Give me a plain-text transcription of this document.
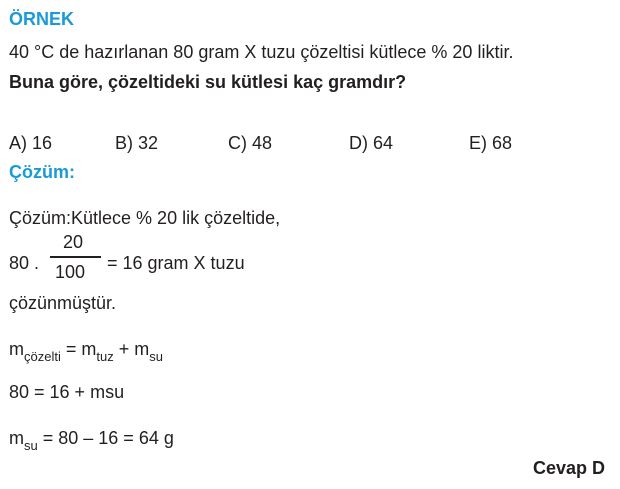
ÖRNEK
40 °C de hazırlanan 80 gram X tuzu çözeltisi kütlece % 20 liktir.
Buna göre, çözeltideki su kütlesi kaç gramdır?
A) 16	B) 32	C) 48	D) 64	E) 68
Çözüm:
Çözüm:Kütlece % 20 lik çözeltide,
80 .
20
100 = 16 gram X tuzu
çözünmüştür.
$m_{çözelti} = m_{tuz} + m_{su}$
80 = 16 + msu
$m_{su} = 80 - 16 = 64$ g
Cevap D
